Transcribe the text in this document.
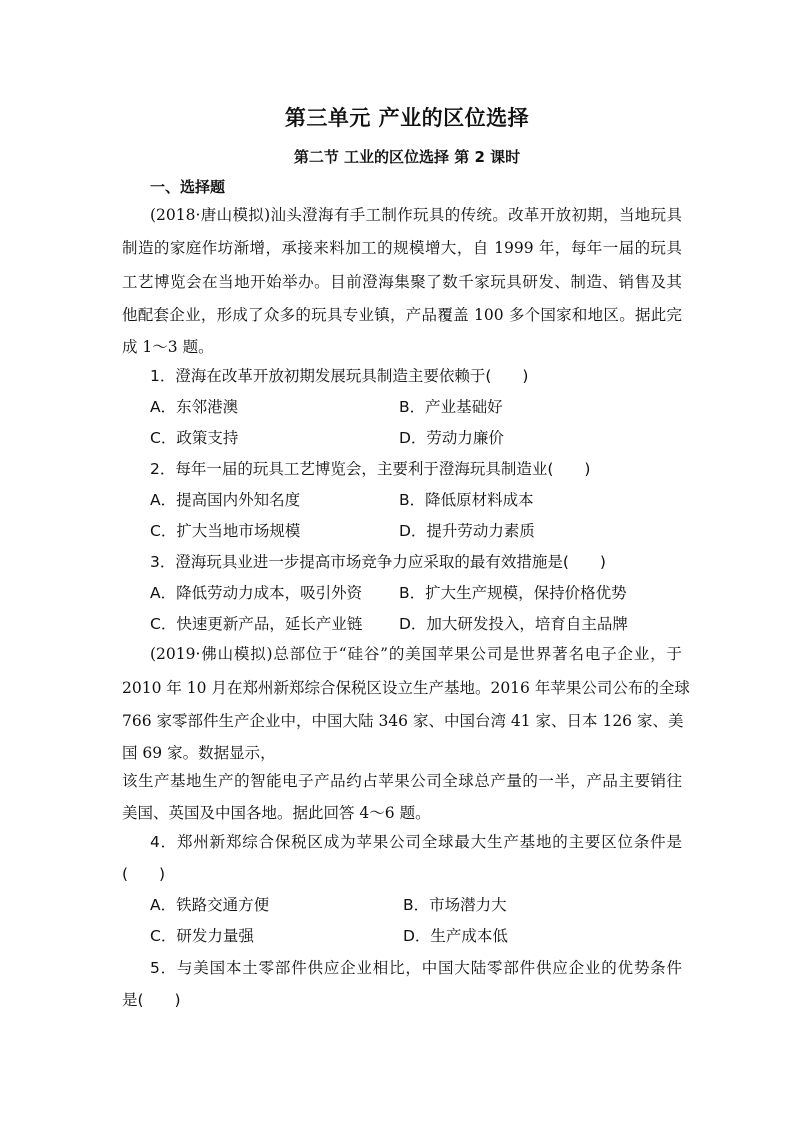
第三单元 产业的区位选择
第二节 工业的区位选择 第 2 课时
一、选择题
(2018·唐山模拟)汕头澄海有手工制作玩具的传统。改革开放初期，当地玩具
制造的家庭作坊渐增，承接来料加工的规模增大，自 1999 年，每年一届的玩具
工艺博览会在当地开始举办。目前澄海集聚了数千家玩具研发、制造、销售及其
他配套企业，形成了众多的玩具专业镇，产品覆盖 100 多个国家和地区。据此完
成 1～3 题。
1．澄海在改革开放初期发展玩具制造主要依赖于(　　)
A．东邻港澳	B．产业基础好
C．政策支持	D．劳动力廉价
2．每年一届的玩具工艺博览会，主要利于澄海玩具制造业(　　)
A．提高国内外知名度	B．降低原材料成本
C．扩大当地市场规模	D．提升劳动力素质
3．澄海玩具业进一步提高市场竞争力应采取的最有效措施是(　　)
A．降低劳动力成本，吸引外资 B．扩大生产规模，保持价格优势
C．快速更新产品，延长产业链 D．加大研发投入，培育自主品牌
(2019·佛山模拟)总部位于“硅谷”的美国苹果公司是世界著名电子企业，于
2010 年 10 月在郑州新郑综合保税区设立生产基地。2016 年苹果公司公布的全球
766 家零部件生产企业中，中国大陆 346 家、中国台湾 41 家、日本 126 家、美
国 69 家。数据显示，
该生产基地生产的智能电子产品约占苹果公司全球总产量的一半，产品主要销往
美国、英国及中国各地。据此回答 4～6 题。
4．郑州新郑综合保税区成为苹果公司全球最大生产基地的主要区位条件是
(　　)
A．铁路交通方便	B．市场潜力大
C．研发力量强	D．生产成本低
5．与美国本土零部件供应企业相比，中国大陆零部件供应企业的优势条件
是(　　)
